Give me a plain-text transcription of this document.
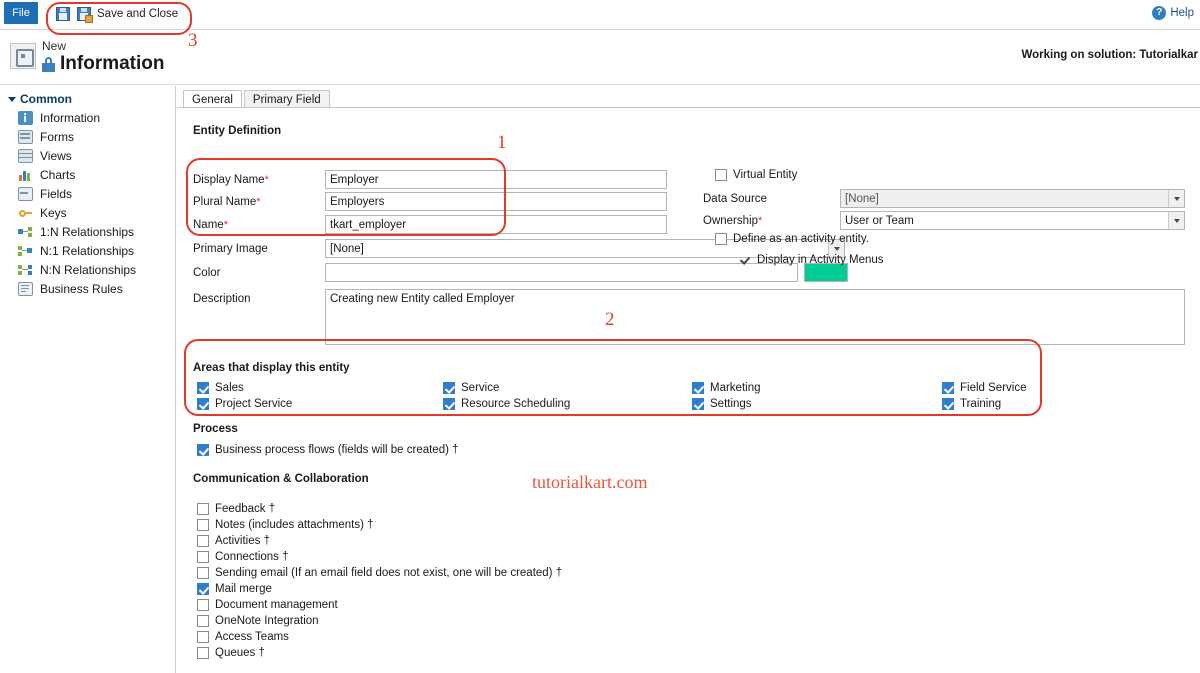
File	Save and Close	? Help
New
Information	Working on solution: Tutorialkar
Common
Information
Forms
Views
Charts
Fields
Keys
1:N Relationships
N:1 Relationships
N:N Relationships
Business Rules
General	Primary Field
Entity Definition
Display Name*
Employer
Plural Name*
Employers
Name*	tkart_ employer
Primary Image	[None]
Color
Description
Creating new Entity called Employer
Virtual Entity
Data Source	[None]
Ownership*	User or Team
Define as an activity entity.
Display in Activity Menus
Areas that display this entity
Sales	Service	Marketing	Field Service
Project Service	Resource Scheduling	Settings	Training
Process
Business process flows (fields will be created) †
Communication & Collaboration
Feedback †
Notes (includes attachments) †
Activities †
Connections †
Sending email (If an email field does not exist, one will be created) †
Mail merge
Document management
OneNote Integration
Access Teams
Queues †
tutorialkart.com
1
2
3
